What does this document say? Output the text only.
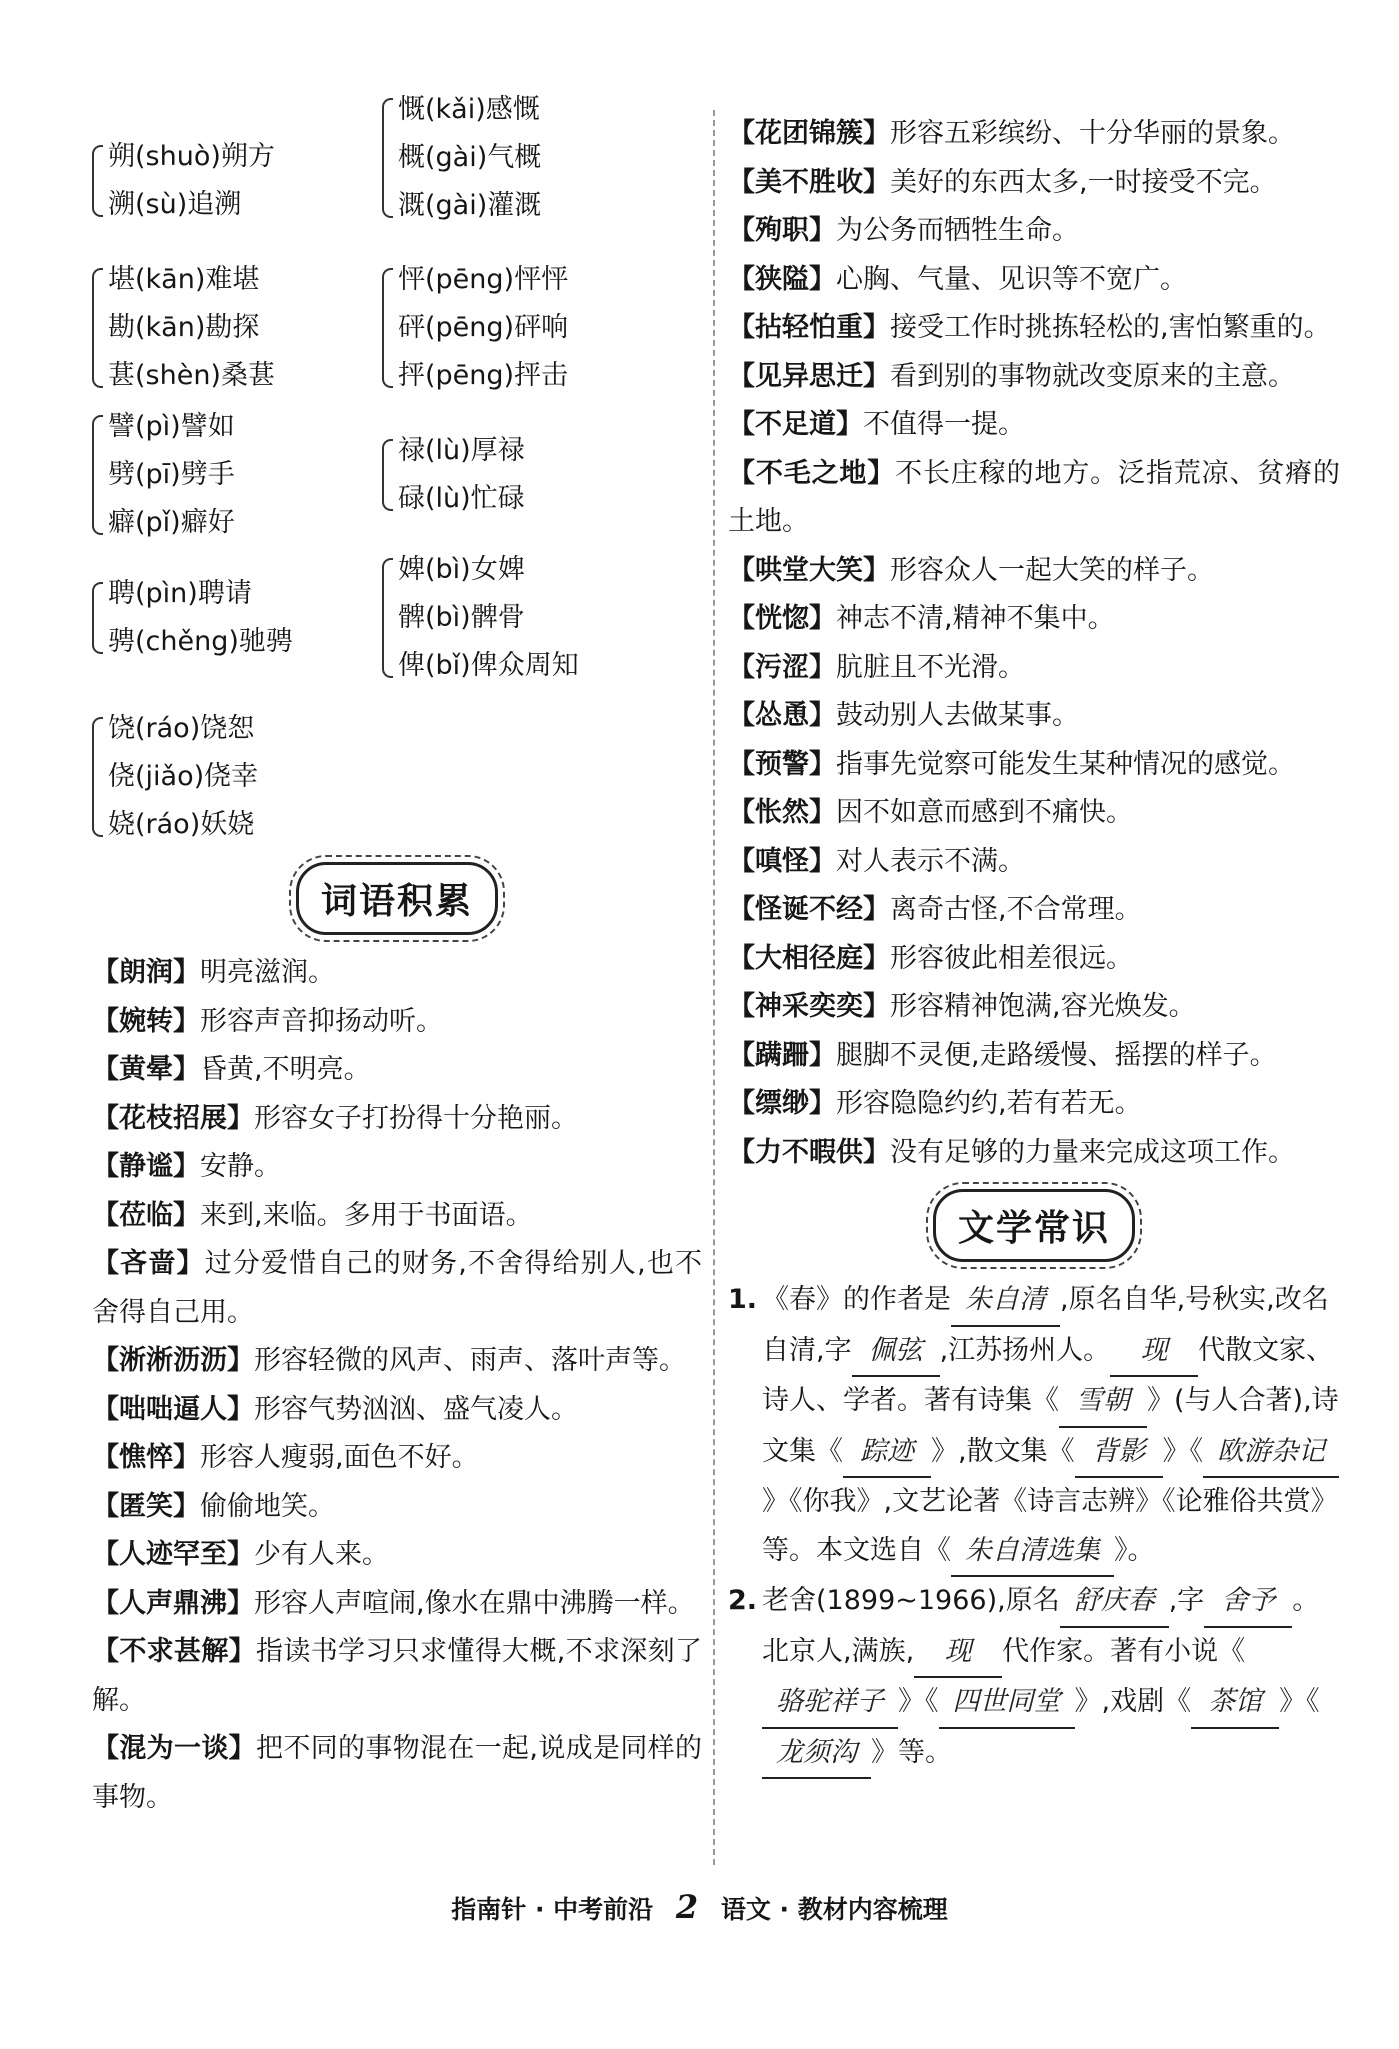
朔(shuò)朔方
溯(sù)追溯
慨(kǎi)感慨
概(gài)气概
溉(gài)灌溉
堪(kān)难堪
勘(kān)勘探
葚(shèn)桑葚
怦(pēng)怦怦
砰(pēng)砰响
抨(pēng)抨击
譬(pì)譬如
劈(pī)劈手
癖(pǐ)癖好
禄(lù)厚禄
碌(lù)忙碌
聘(pìn)聘请
骋(chěng)驰骋
婢(bì)女婢
髀(bì)髀骨
俾(bǐ)俾众周知
饶(ráo)饶恕
侥(jiǎo)侥幸
娆(ráo)妖娆
词语积累
【朗润】明亮滋润。
【婉转】形容声音抑扬动听。
【黄晕】昏黄,不明亮。
【花枝招展】形容女子打扮得十分艳丽。
【静谧】安静。
【莅临】来到,来临。多用于书面语。
【吝啬】过分爱惜自己的财务,不舍得给别人,也不舍得自己用。
【淅淅沥沥】形容轻微的风声、雨声、落叶声等。
【咄咄逼人】形容气势汹汹、盛气凌人。
【憔悴】形容人瘦弱,面色不好。
【匿笑】偷偷地笑。
【人迹罕至】少有人来。
【人声鼎沸】形容人声喧闹,像水在鼎中沸腾一样。
【不求甚解】指读书学习只求懂得大概,不求深刻了解。
【混为一谈】把不同的事物混在一起,说成是同样的事物。
【花团锦簇】形容五彩缤纷、十分华丽的景象。
【美不胜收】美好的东西太多,一时接受不完。
【殉职】为公务而牺牲生命。
【狭隘】心胸、气量、见识等不宽广。
【拈轻怕重】接受工作时挑拣轻松的,害怕繁重的。
【见异思迁】看到别的事物就改变原来的主意。
【不足道】不值得一提。
【不毛之地】不长庄稼的地方。泛指荒凉、贫瘠的土地。
【哄堂大笑】形容众人一起大笑的样子。
【恍惚】神志不清,精神不集中。
【污涩】肮脏且不光滑。
【怂恿】鼓动别人去做某事。
【预警】指事先觉察可能发生某种情况的感觉。
【怅然】因不如意而感到不痛快。
【嗔怪】对人表示不满。
【怪诞不经】离奇古怪,不合常理。
【大相径庭】形容彼此相差很远。
【神采奕奕】形容精神饱满,容光焕发。
【蹒跚】腿脚不灵便,走路缓慢、摇摆的样子。
【缥缈】形容隐隐约约,若有若无。
【力不暇供】没有足够的力量来完成这项工作。
文学常识
1. 《春》的作者是 朱自清 ,原名自华,号秋实,改名自清,字 佩弦 ,江苏扬州人。 现 代散文家、诗人、学者。著有诗集《 雪朝 》(与人合著),诗文集《 踪迹 》,散文集《 背影 》《 欧游杂记》《你我》,文艺论著《诗言志辨》《论雅俗共赏》等。本文选自《 朱自清选集 》。
2. 老舍(1899~1966),原名 舒庆春 ,字 舍予 。北京人,满族, 现 代作家。著有小说《骆驼祥子 》《 四世同堂 》,戏剧《 茶馆 》《龙须沟 》等。
指南针 · 中考前沿 2 语文 · 教材内容梳理
